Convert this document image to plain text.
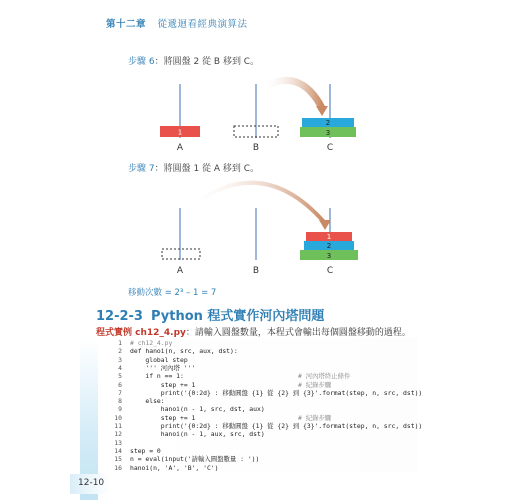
第十二章 從遞迴看經典演算法
步驟 6：將圓盤 2 從 B 移到 C。
1
2
3
A	B	C
1
2
3
A	B	C
步驟 7：將圓盤 1 從 A 移到 C。
移動次數 = 2³ – 1 = 7
12-2-3 Python 程式實作河內塔問題
程式實例 ch12_4.py：請輸入圓盤數量，本程式會輸出每個圓盤移動的過程。
1 # ch12_4.py
2 def hanoi(n, src, aux, dst):
3    global step
4    ''' 河內塔 '''
5    if n == 1:	# 河內塔終止條件
6        step += 1	# 紀錄步驟
7        print('{0:2d} : 移動圓盤 {1} 從 {2} 到 {3}'.format(step, n, src, dst))
8    else:
9        hanoi(n - 1, src, dst, aux)
10        step += 1	# 紀錄步驟
11        print('{0:2d} : 移動圓盤 {1} 從 {2} 到 {3}'.format(step, n, src, dst))
12        hanoi(n - 1, aux, src, dst)
13
14 step = 0
15 n = eval(input('請輸入圓盤數量 : '))
16 hanoi(n, 'A', 'B', 'C')
12-10
